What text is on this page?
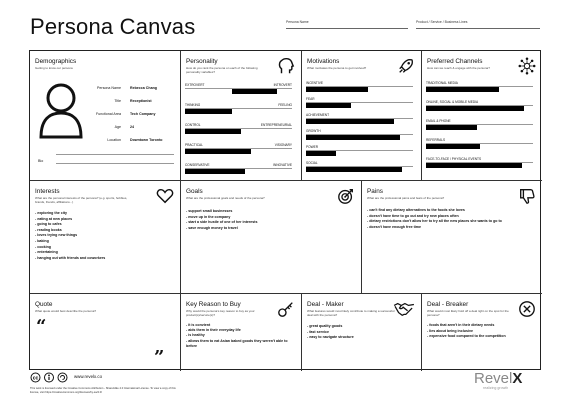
Persona Canvas	Persona Name	Product / Service / Business Lines
Demographics
Getting to know our persona
Persona Name	Rebecca Chang
Title	Receptionist
Functional Area	Tech Company
Age	24
Location	Downtown Toronto
Bio
Personality
How do you rank the persona on each of the following personality variables?
EXTROVERT	INTROVERT
THINKING	FEELING
CONTROL	ENTREPRENEURIAL
PRACTICAL	VISIONARY
CONSERVATIVE	INNOVATIVE
Motivations
What motivates the persona to get involved?
INCENTIVE
FEAR
ACHIEVEMENT
GROWTH
POWER
SOCIAL
Preferred Channels
How can we reach & engage with the persona?
TRADITIONAL MEDIA
ONLINE, SOCIAL & MOBILE MEDIA
EMAIL & PHONE
REFERRALS
FACE-TO-FACE / PHYSICAL EVENTS
Interests
What are the personal interests of the persona? (e.g. sports, hobbies, brands, friends, affiliations...)
- exploring the city
- eating at new places
- going to cafes
- reading books
- loves trying new things
- baking
- cooking
- entertaining
- hanging out with friends and coworkers
Goals
What are the professional goals and needs of the persona?
- support small businesses
- move up in the company
- start a side hustle of one of her interests
- save enough money to travel
Pains
What are the professional pains and fears of the persona?
- can't find any dietary alternatives to the foods she loves
- doesn't have time to go out and try new places often
- dietary restrictions don't allow her to try all the new places she wants to go to
- doesn't have enough free time
Quote
What quote would best describe the persona?
“
”
Key Reason to Buy
Why would the persona's key reason to buy as your product(s)/service(s)?
- it is convient
- aids them in their everyday life
- is healthy
- allows them to eat Asian baked goods they weren't able to before
Deal - Maker
What features would most likely contribute to making a successful deal with the persona?
- great quality goods
- fast service
- easy to navigate structure
Deal - Breaker
What would most likely hold off a deal right on the spot for the persona?
- foods that aren't in their dietary needs
- lies about being inclusive
- expensive food compared to the competition
cc	www.revelx.co
This work is licensed under the Creative Commons Attribution - ShareAlike 4.0 International License. To view a copy of this license, visit https://creativecommons.org/licenses/by-sa/4.0/
RevelX
realizing growth
